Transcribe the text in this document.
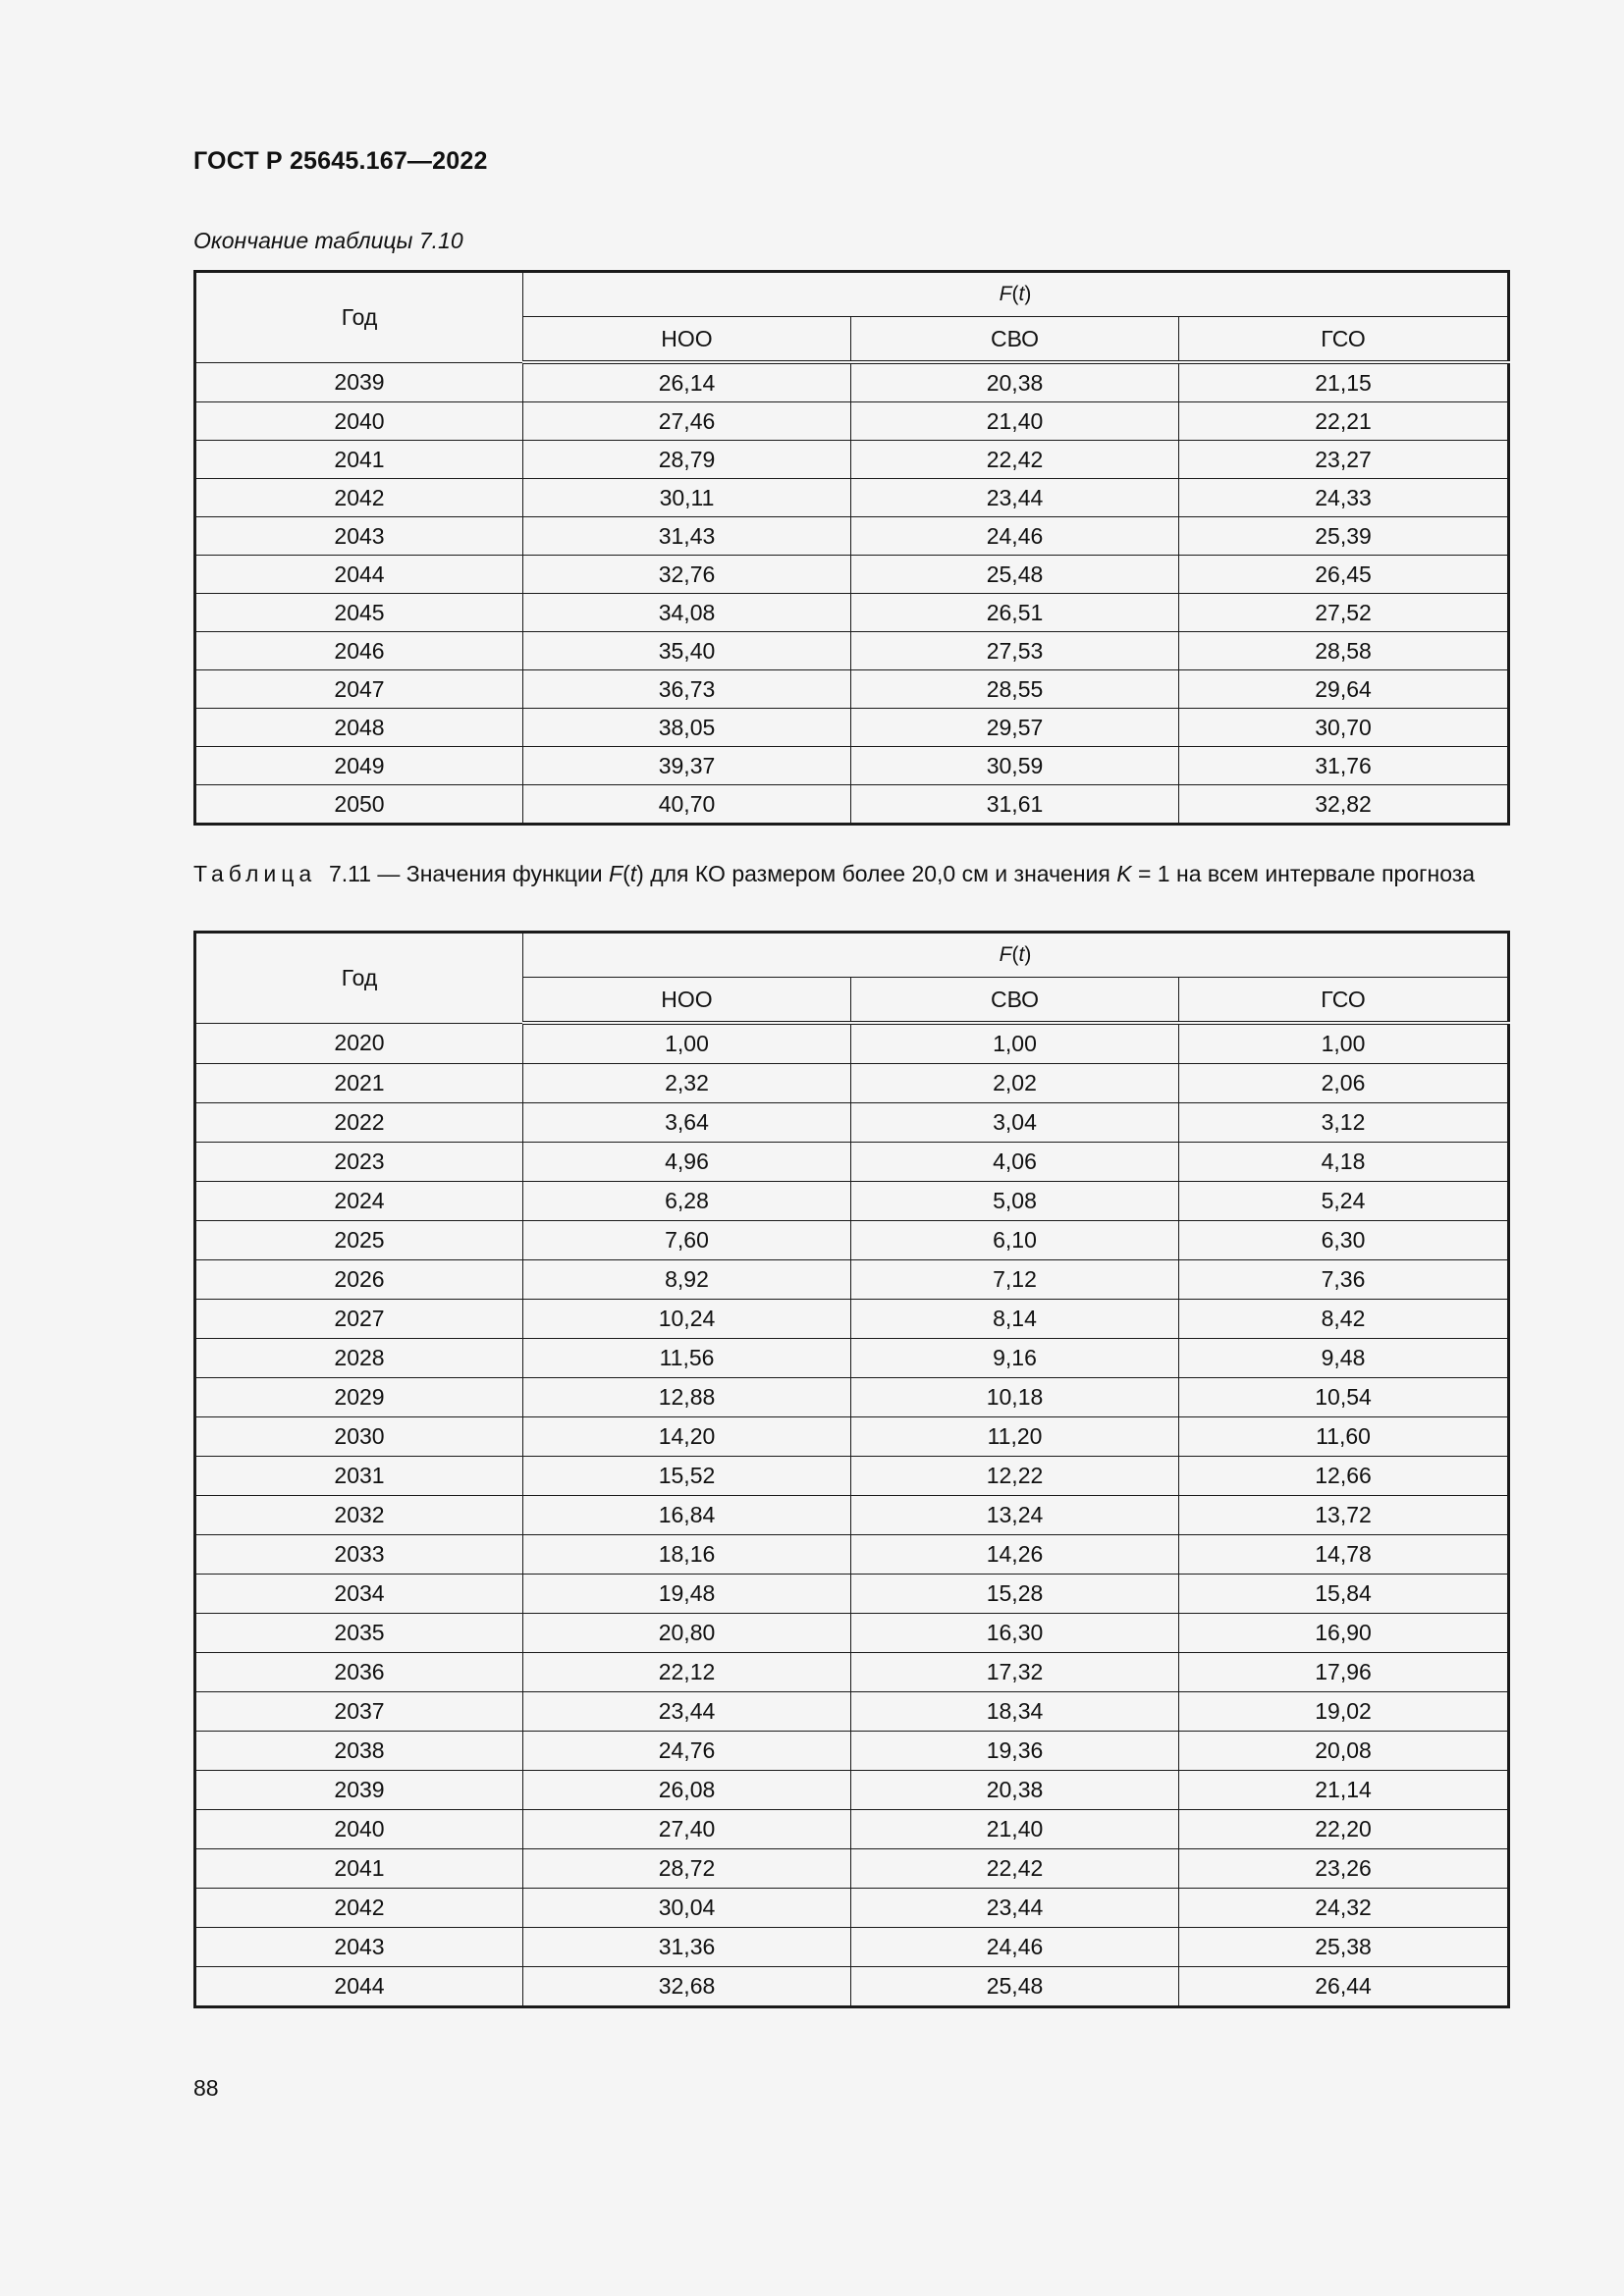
ГОСТ Р 25645.167—2022
Окончание таблицы 7.10
Год	F(t)		
	НОО	СВО	ГСО
2039	26,14	20,38	21,15
2040	27,46	21,40	22,21
2041	28,79	22,42	23,27
2042	30,11	23,44	24,33
2043	31,43	24,46	25,39
2044	32,76	25,48	26,45
2045	34,08	26,51	27,52
2046	35,40	27,53	28,58
2047	36,73	28,55	29,64
2048	38,05	29,57	30,70
2049	39,37	30,59	31,76
2050	40,70	31,61	32,82
Таблица 7.11 — Значения функции F(t) для КО размером более 20,0 см и значения K = 1 на всем интервале прогноза
Год	F(t)		
	НОО	СВО	ГСО
2020	1,00	1,00	1,00
2021	2,32	2,02	2,06
2022	3,64	3,04	3,12
2023	4,96	4,06	4,18
2024	6,28	5,08	5,24
2025	7,60	6,10	6,30
2026	8,92	7,12	7,36
2027	10,24	8,14	8,42
2028	11,56	9,16	9,48
2029	12,88	10,18	10,54
2030	14,20	11,20	11,60
2031	15,52	12,22	12,66
2032	16,84	13,24	13,72
2033	18,16	14,26	14,78
2034	19,48	15,28	15,84
2035	20,80	16,30	16,90
2036	22,12	17,32	17,96
2037	23,44	18,34	19,02
2038	24,76	19,36	20,08
2039	26,08	20,38	21,14
2040	27,40	21,40	22,20
2041	28,72	22,42	23,26
2042	30,04	23,44	24,32
2043	31,36	24,46	25,38
2044	32,68	25,48	26,44
88
